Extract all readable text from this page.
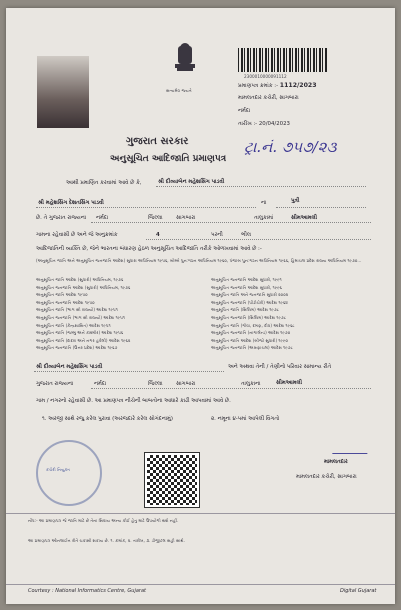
સત્યમેવ જયતે
2300010000091112
પ્રમાણપત્ર ક્રમાંક :- 1112/2023
મામલતદાર કચેરી, સાગબારા
નર્મદા
તારીખ :- 20/04/2023
ટ્રા.નં. ૭૫૭/૨૩
ગુજરાત સરકાર
અનુસૂચિત આદિજાતિ પ્રમાણપત્ર
આથી પ્રમાણિત કરવામાં આવે છે કે,	શ્રી દીવ્યાબેન મહેશસિંગ પાડવી
શ્રી મહેશસિંગ દેશતસિંગ પાડવી	ના	પુત્રી
છે. તે ગુજરાત રાજ્યના નર્મદા	જિલ્લા સાગબારા	તાલુકામાં	સીમઆમલી
ગામના રહેવાસી છે અને જે અનુક્રમાંક	4	પરની	ભીલ
આદિજાતિની વ્યક્તિ છે, જેને ભારતના બંધારણ હેઠળ અનુસૂચિત આદિજાતિ તરીકે ઓળખવામાં આવે છે :-
(અનુસૂચિત જાતિ અને અનુસૂચિત જનજાતિ આદેશ) સુધારા અધિનિયમ ૧૯૫૬, બોમ્બે પુનઃગઠન અધિનિયમ ૧૯૬૦, પંજાબ પુનઃગઠન અધિનિયમ ૧૯૬૬, હિમાચલ પ્રદેશ રાજ્ય અધિનિયમ ૧૯૭૦...
અનુસૂચિત જાતિ આદેશ (સુધારો) અધિનિયમ, ૧૯૭૬
અનુસૂચિત જનજાતિ આદેશ (સુધારો) અધિનિયમ, ૧૯૭૬
અનુસૂચિત જાતિ આદેશ ૧૯૫૦
અનુસૂચિત જનજાતિ આદેશ ૧૯૫૦
અનુસૂચિત જાતિ (ભાગ સી રાજ્યો) આદેશ ૧૯૫૧
અનુસૂચિત જનજાતિ (ભાગ સી રાજ્યો) આદેશ ૧૯૫૧
અનુસૂચિત જાતિ (કેન્દ્રશાસિત) આદેશ ૧૯૫૧
અનુસૂચિત જાતિ (જમ્મુ અને કાશ્મીર) આદેશ ૧૯૫૬
અનુસૂચિત જાતિ (દાદરા અને નગર હવેલી) આદેશ ૧૯૬૨
અનુસૂચિત જનજાતિ (ઉત્તર પ્રદેશ) આદેશ ૧૯૬૭
અનુસૂચિત જનજાતિ આદેશ સુધારો, ૧૯૯૧
અનુસૂચિત જનજાતિ આદેશ સુધારો, ૧૯૯૬
અનુસૂચિત જાતિ અને જનજાતિ સુધારો ૨૦૦૨
અનુસૂચિત જનજાતિ (પોંડીચેરી) આદેશ ૧૯૬૪
અનુસૂચિત જાતિ (સિક્કિમ) આદેશ ૧૯૭૮
અનુસૂચિત જનજાતિ (સિક્કિમ) આદેશ ૧૯૭૮
અનુસૂચિત જાતિ (ગોવા, દમણ, દીવ) આદેશ ૧૯૬૮
અનુસૂચિત જનજાતિ (નાગાલેન્ડ) આદેશ ૧૯૭૦
અનુસૂચિત જાતિ આદેશ (બીજો સુધારો) ૧૯૯૦
અનુસૂચિત જનજાતિ (અરુણાચલ) આદેશ ૧૯૭૮
શ્રી દીવ્યાબેન મહેશસિંગ પાડવી	અને અથવા તેની / તેણીનો પરિવાર સામાન્ય રીતે
ગુજરાત રાજ્યના	નર્મદા	જિલ્લા સાગબારા	તાલુકાના	સીમઆમલી
ગામ / નગરનો રહેવાસી છે. આ પ્રમાણપત્ર નીચેની બાબતોના આધારે કાઢી આપવામાં આવે છે.
૧. અરજી સાથે રજુ કરેલ પુરાવા (અરજદારે કરેલ સોગંદનામું)	૨. નમૂના ૪-૫માં આપેલી વિગતો
કચેરી નિયુક્ત
મામલતદાર
મામલતદાર કચેરી, સાગબારા
નોંધ:- આ પ્રમાણપત્ર જે જાતિ માટે છે તેના સિવાય અન્ય કોઈ હેતુ માટે ઉપયોગી થશે નહીં.
આ પ્રમાણપત્ર ઓનલાઈન રીતે ચકાસી શકાય છે. ૧. ક્રમાંક, ૨. તારીખ, ૩. ડીજીટલ સહી સાથે.
Courtesy : National Informatics Centre, Gujarat	Digital Gujarat
